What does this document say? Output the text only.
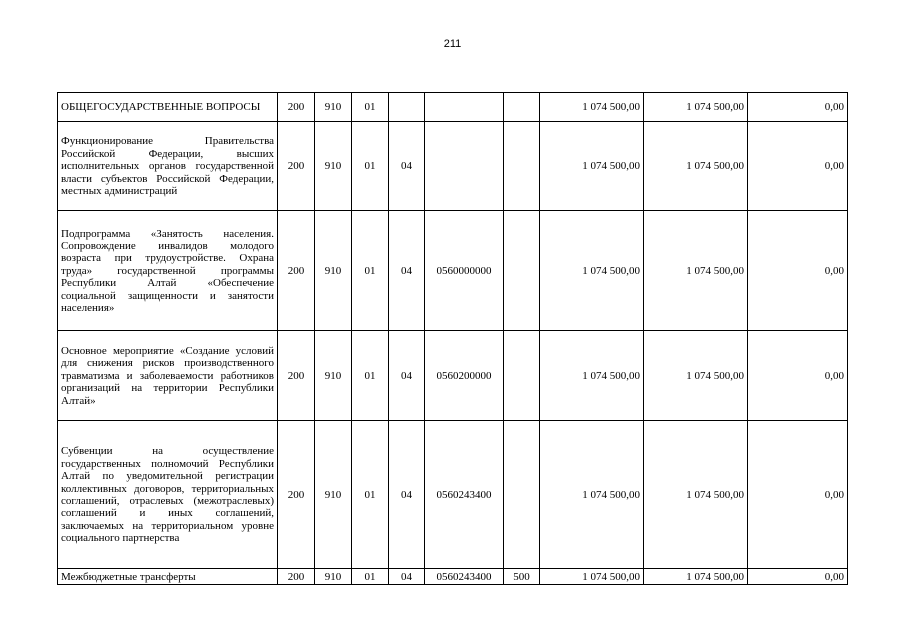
211
ОБЩЕГОСУДАРСТВЕННЫЕ ВОПРОСЫ	200	910	01				1 074 500,00	1 074 500,00	0,00
Функционирование Правительства Российской Федерации, высших исполнительных органов государственной власти субъектов Российской Федерации, местных администраций	200	910	01	04			1 074 500,00	1 074 500,00	0,00
Подпрограмма «Занятость населения. Сопровождение инвалидов молодого возраста при трудоустройстве. Охрана труда» государственной программы Республики Алтай «Обеспечение социальной защищенности и занятости населения»	200	910	01	04	0560000000		1 074 500,00	1 074 500,00	0,00
Основное мероприятие «Создание условий для снижения рисков производственного травматизма и заболеваемости работников организаций на территории Республики Алтай»	200	910	01	04	0560200000		1 074 500,00	1 074 500,00	0,00
Субвенции на осуществление государственных полномочий Республики Алтай по уведомительной регистрации коллективных договоров, территориальных соглашений, отраслевых (межотраслевых) соглашений и иных соглашений, заключаемых на территориальном уровне социального партнерства	200	910	01	04	0560243400		1 074 500,00	1 074 500,00	0,00
Межбюджетные трансферты	200	910	01	04	0560243400	500	1 074 500,00	1 074 500,00	0,00
